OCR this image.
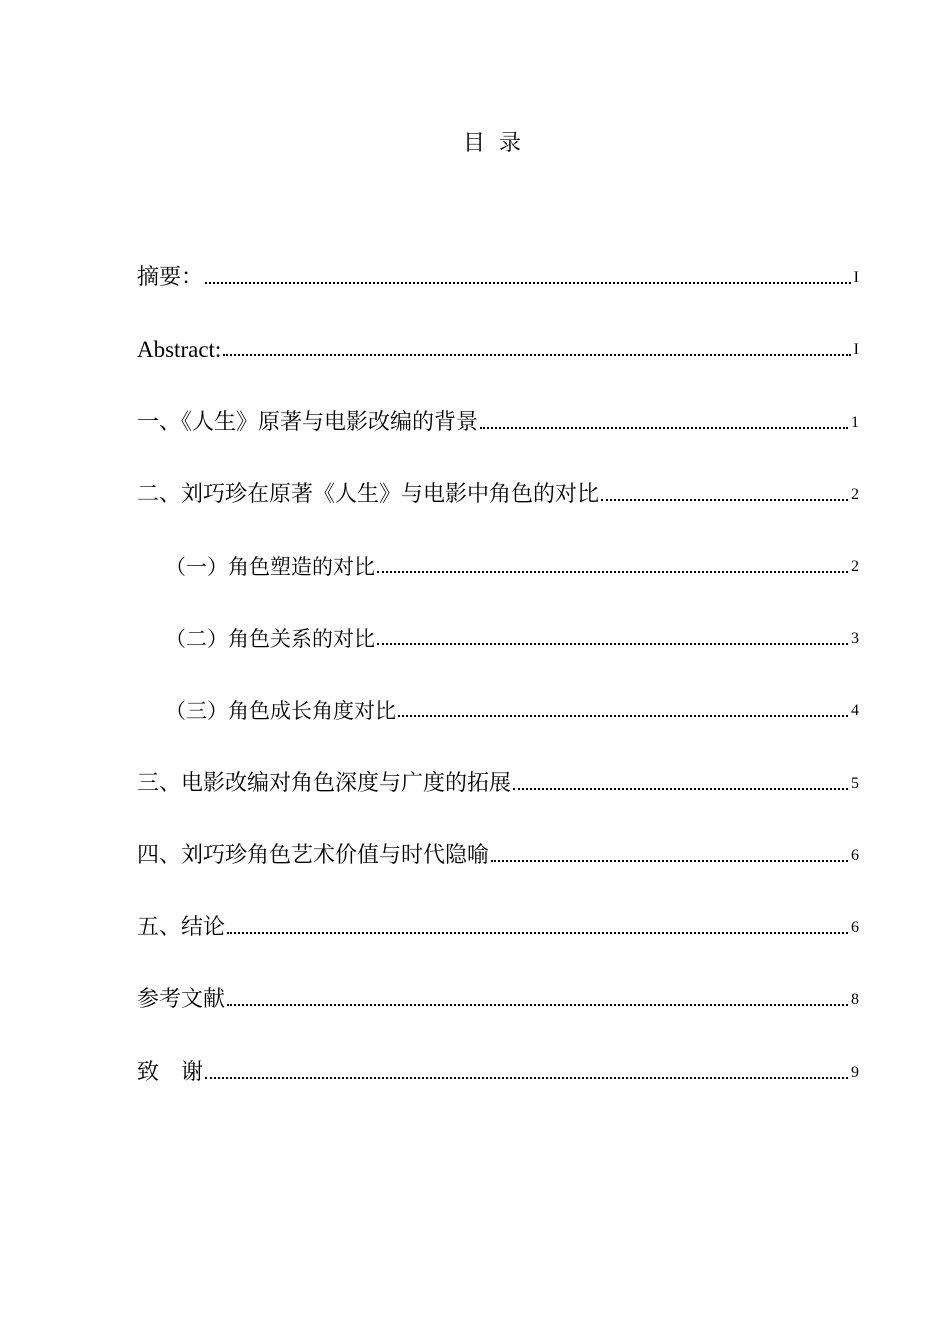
目录
摘要：	I
Abstract:	I
一、《人生》原著与电影改编的背景	1
二、刘巧珍在原著《人生》与电影中角色的对比	2
（一）角色塑造的对比	2
（二）角色关系的对比	3
（三）角色成长角度对比	4
三、电影改编对角色深度与广度的拓展	5
四、刘巧珍角色艺术价值与时代隐喻	6
五、结论	6
参考文献	8
致　谢	9
